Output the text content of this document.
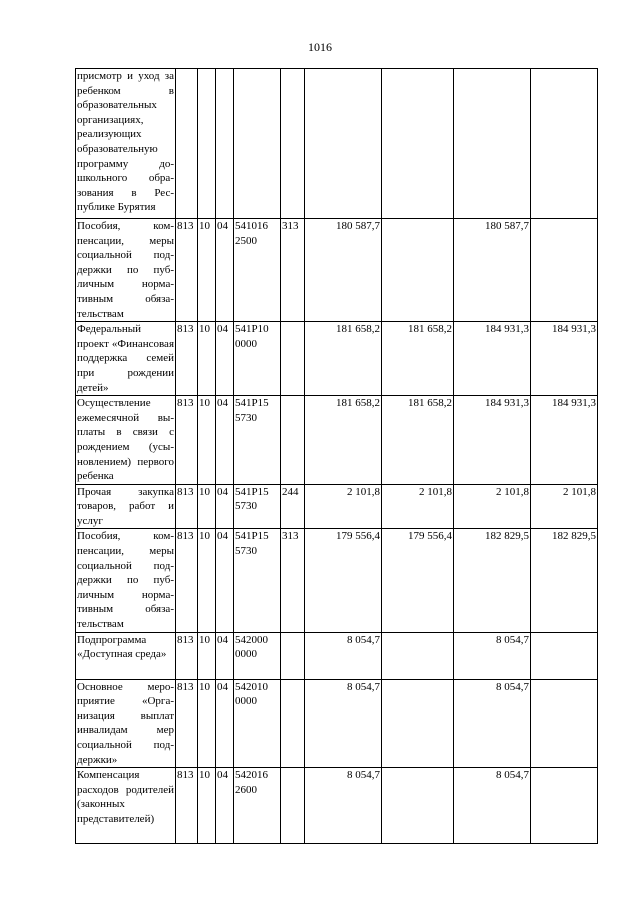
1016
присмотр и уход за ребенком в образовательных организациях, реализующих образовательную программу дошкольного образования в Республике Бурятия									
Пособия, компенсации, меры социальной поддержки по публичным нормативным обязательствам	813	10	04	541016 2500	313	180 587,7		180 587,7	
Федеральный проект «Финансовая поддержка семей при рождении детей»	813	10	04	541P10 0000		181 658,2	181 658,2	184 931,3	184 931,3
Осуществление ежемесячной выплаты в связи с рождением (усыновлением) первого ребенка	813	10	04	541P15 5730		181 658,2	181 658,2	184 931,3	184 931,3
Прочая закупка товаров, работ и услуг	813	10	04	541P15 5730	244	2 101,8	2 101,8	2 101,8	2 101,8
Пособия, компенсации, меры социальной поддержки по публичным нормативным обязательствам	813	10	04	541P15 5730	313	179 556,4	179 556,4	182 829,5	182 829,5
Подпрограмма «Доступная среда»	813	10	04	542000 0000		8 054,7		8 054,7	
Основное мероприятие «Организация выплат инвалидам мер социальной поддержки»	813	10	04	542010 0000		8 054,7		8 054,7	
Компенсация расходов родителей (законных представителей)	813	10	04	542016 2600		8 054,7		8 054,7	
